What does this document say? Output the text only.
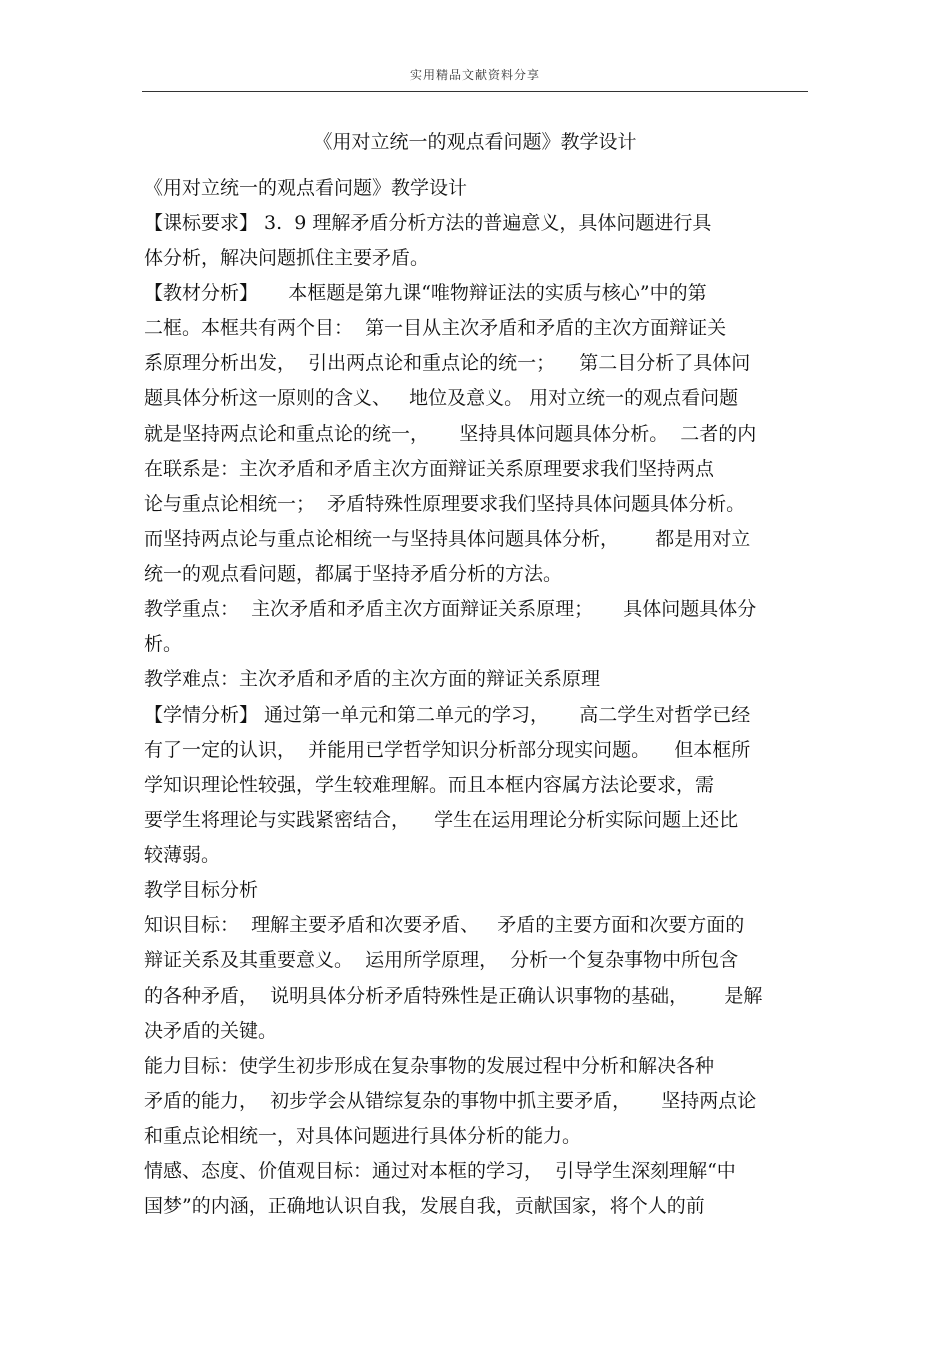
实用精品文献资料分享
《用对立统一的观点看问题》教学设计
《用对立统一的观点看问题》教学设计
【课标要求】 3.  9 理解矛盾分析方法的普遍意义，具体问题进行具
体分析，解决问题抓住主要矛盾。
【教材分析】     本框题是第九课“唯物辩证法的实质与核心”中的第
二框。本框共有两个目：  第一目从主次矛盾和矛盾的主次方面辩证关
系原理分析出发，  引出两点论和重点论的统一；    第二目分析了具体问
题具体分析这一原则的含义、   地位及意义。 用对立统一的观点看问题
就是坚持两点论和重点论的统一，     坚持具体问题具体分析。  二者的内
在联系是：主次矛盾和矛盾主次方面辩证关系原理要求我们坚持两点
论与重点论相统一；  矛盾特殊性原理要求我们坚持具体问题具体分析。
而坚持两点论与重点论相统一与坚持具体问题具体分析，      都是用对立
统一的观点看问题，都属于坚持矛盾分析的方法。
教学重点：  主次矛盾和矛盾主次方面辩证关系原理；     具体问题具体分
析。
教学难点：主次矛盾和矛盾的主次方面的辩证关系原理
【学情分析】 通过第一单元和第二单元的学习，     高二学生对哲学已经
有了一定的认识，  并能用已学哲学知识分析部分现实问题。    但本框所
学知识理论性较强，学生较难理解。而且本框内容属方法论要求，需
要学生将理论与实践紧密结合，    学生在运用理论分析实际问题上还比
较薄弱。
教学目标分析
知识目标：  理解主要矛盾和次要矛盾、   矛盾的主要方面和次要方面的
辩证关系及其重要意义。  运用所学原理，  分析一个复杂事物中所包含
的各种矛盾，  说明具体分析矛盾特殊性是正确认识事物的基础，      是解
决矛盾的关键。
能力目标：使学生初步形成在复杂事物的发展过程中分析和解决各种
矛盾的能力，  初步学会从错综复杂的事物中抓主要矛盾，     坚持两点论
和重点论相统一，对具体问题进行具体分析的能力。
情感、态度、价值观目标：通过对本框的学习，  引导学生深刻理解“中
国梦”的内涵，正确地认识自我，发展自我，贡献国家，将个人的前
